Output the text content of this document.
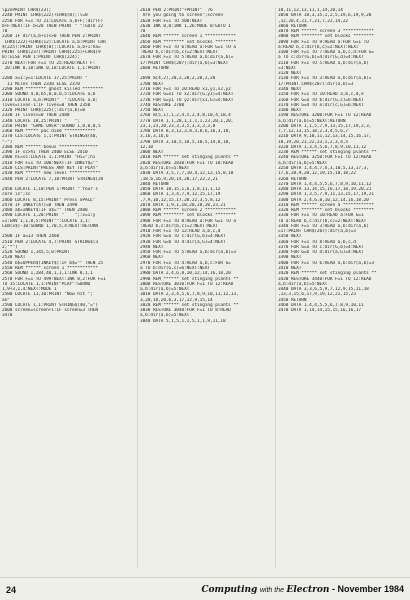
\p2xPRINT CHR$(23);
2240 PRINT CHR$(222)+CHR$(8);:l=0
2250 FOR F=1 TO 21:LOCATE a,b+F;:dir(F)
b+F:NEXT:IF b<20 THEN PRINT " ":GOTO 22
70
2260 IF dir(a,b+1)<>0 THEN PEN 2:PRINT
CHR$(222)+CHR$(12):LOCATE a,b:PRINT CHR
$(225):PRINT CHR$(8);:LOCATE a,b+1:ha=
PRINT CHR$(237):PRINT CHR$(225)+CHR$(9
0):ELSE PEN 1:PRINT CHR$(224);
2270 NEXT:FOR F=1 TO 25:READ:NEXT F:
20:INK 0,18:INK 0,18:LOCATE 1,1:PRINT
2280 x=1:y=1:LOCATE 17,25:PRINT "
11 Miles THEN 2330 ELSE 2370
2290 REM ******** ghost killed ********
2300 SOUND 4,0,65,0,0,0,5:LOCATE a,b
2310 LOCATE a,b:PRINT"  ":LOCATE a,b:
lives=lives-1:IF lives=0 THEN 2350
2320 PRINT CHR$(225);:dir(a,b)=0
2330 IF lives<=0 THEN 2480
2340 LOCATE 18,25:PRINT "   ";
2350 PRINT "GAME OVER":SOUND 1,0,0,0,5
2360 REM ***** pac died ************
2370 CLS:LOCATE 1,1:PRINT STRING$(40,
"-")
2380 REM ****** bonus ***************
2390 IF sc>hi THEN 2400 ELSE 2410
2400 hi=sc:LOCATE 1,1:PRINT "Hi=";hi
2410 FOR F=1 TO 100:NEXT:IF INKEY$=""
2420 CLS:PRINT"PRESS ANY KEY TO PLAY"
2430 REM ****** new level ************
2440 PEN 2:LOCATE 7,10:PRINT STRING$(20
2450 LOCATE 1,10:PEN 1:PRINT " Your s
core is";sc
2460 LOCATE 8,15:PRINT" Press SPACE"
2470 IF INKEY(47)=0 THEN 2490
2480 a$=INKEY$:IF a$="" THEN 2480
2490 LOCATE 1,20:PRINT "    ";:x=1:y
=1:ENV 1,1,0,5:PRINT"":LOCATE 1,1:
LEN(x$)-10:SOUND 1,70,5,4:NEXT:RETURN
2500 IF a=13 THEN 2460
2510 PEN 2:LOCATE 4,7:PRINT STRING$(3
2,"*")
2520 SOUND 1,145,5,0:PRINT
2530 NEXT
2540 b$=UPPER$(INKEY$):IF b$="" THEN 25
2550 REM ****** screen 1 ************
2560 SOUND 1,284,40,1,1,1:INK 8,1,1
2570 FOR F=1 TO 499:NEXT:INK 8,2:FOR F=1
TO 15:LOCATE 1,1:PRINT"PLAY":SOUND
1,9+3,1,4:NEXT:MODE 1
2580 LOCATE 11,10:PRINT "Now hit ";
an"
2590 LOCATE 1,1:PRINT STRING$(40,"=")
2600 screen=screen+1:IF screen=3 THEN
3470
2610 PEN 2:PRINT"+PRINT"  76
Are you going to screen";screen
2620 FOR F=1 TO 500:NEXT
2630 INK 0,0:INK 1,26:MODE 0:GOTO 1
70
2640 REM ****** screen 1 ************
2650 REM ******** set blocks ********
2660 FOR F=1 TO 6:READ a:FOR G=1 TO a
:READ b,c:dir(b,c)=2:NEXT:NEXT
2670 FOR F=1 TO 5:READ a,b:dir(a,b)=
17:PRINT CHR$(207):dir(a,b)=3:NEXT
2680 RETURN
2690 m(4,2),20,2,20,2,20,2,20
2700 NEXT
2710 FOR F=1 TO 10:READ x1,y1,x2,y2
2720 FOR G=x1 TO x2:dir(G,y1)=4:NEXT
2730 FOR G=y1 TO y2:dir(x1,G)=4:NEXT
2740 RESTORE 2780
2750 NEXT
2760 m(5,1),1,2,4,5,2,4,8,10,4,18,4
2770 DATA 1,1,20,1,1,1,1,23,20,1,20,
23,1,23,20,23,3,3,5,3,3,3,3,8
2780 DATA 8,3,12,3,8,3,8,6,16,3,18,
3,16,3,16,6
2790 DATA 3,10,5,10,5,10,5,14,8,10,
12,10
2800 NEXT
2810 REM ****** set stinging plants **
2820 RESTORE 2830:FOR F=1 TO 10:READ
a,b:dir(a,b)=5:NEXT
2830 DATA 3,5,7,7,10,4,12,12,15,8,18
,18,6,16,9,20,14,20,17,22,2,21
2840 RETURN
2850 DATA 10,15,1,6,1,8,11,1,12
2860 DATA 1,3,4,7,9,12,15,17,19
,7,9,10,12,15,17,20,22,3,5,8,12
2870 DATA 1,9,1,18,20,28,20,23,21
2880 REM ****** screen 2 ************
2890 REM ******** set blocks ********
2900 FOR F=1 TO 8:READ a:FOR G=1 TO a
:READ b,c:dir(b,c)=2:NEXT:NEXT
2910 FOR F=1 TO 12:READ a,b,c,d
2920 FOR G=a TO c:dir(G,b)=4:NEXT
2930 FOR G=b TO d:dir(a,G)=4:NEXT
2940 NEXT
2950 FOR F=1 TO 5:READ a,b:dir(a,b)=3
2960 NEXT
2970 FOR F=1 TO 4:READ a,b,c:FOR G=
a TO b:dir(G,c)=6:NEXT:NEXT
2980 DATA 2,4,6,8,10,12,14,16,18,20
2990 REM ****** set stinging plants **
3000 RESTORE 3010:FOR F=1 TO 12:READ
a,b:dir(a,b)=5:NEXT
3010 DATA 2,3,4,5,6,7,8,9,10,11,12,13,
3,20,18,20,6,3,17,12,9,15,14
3020 REM ****** set stinging plants **
3030 RESTORE 3040:FOR F=1 TO 8:READ
a,b:dir(a,b)=5:NEXT
3040 DATA 5,1,5,1,1,5,1,1,9,11,10
10,11,12,13,11,1,14,20,14
3050 DATA 18,3,15,1,2,5,19,6,19,9,20
,12,20,4,21,7,21,7,22,14,22
3060 RETURN
3070 REM ****** screen 3 ************
3080 REM ******** set blocks ********
3090 FOR F=1 TO 9:READ a:FOR G=1 TO
a:READ b,c:dir(b,c)=2:NEXT:NEXT
3100 FOR F=1 TO 7:READ a,b,c,d:FOR G=
a TO c:dir(G,b)=4:dir(G,d)=4:NEXT
3110 FOR F=1 TO 5:READ a,b:dir(a,b)
=3:NEXT
3120 NEXT
3130 FOR F=1 TO 3:READ a,b:dir(a,b)=
17:PRINT CHR$(207):dir(a,b)=3
3140 NEXT
3150 FOR F=1 TO 10:READ a,b,c,d,e
3160 FOR G=a TO b:dir(G,c)=6:NEXT
3170 FOR G=d TO e:dir(c,G)=6:NEXT
3180 NEXT
3190 RESTORE 3200:FOR F=1 TO 12:READ
a,b:dir(a,b)=5:NEXT:RETURN
3200 DATA 1,1,5,7,9,13,15,17,19,2,3,
7,7,12,13,15,18,2,3,4,5,6,7
3210 DATA 9,10,11,12,13,14,15,16,17,
18,19,20,21,22,23,1,2,3,4,5
3220 DATA 1,3,4,5,6,7,8,9,10,11,12
3230 REM ****** set stinging plants **
3240 RESTORE 3250:FOR F=1 TO 12:READ
a,b:dir(a,b)=5:NEXT
3250 DATA 1,4,4,7,4,3,10,5,13,17,3,
17,6,20,9,20,12,19,15,18,18,22
3260 RETURN
3270 DATA 1,4,4,5,5,6,7,8,9,10,11,12
3280 DATA 13,14,15,16,17,18,19,20,21
3290 DATA 1,3,5,7,9,11,13,15,17,19,21
3300 DATA 2,4,6,8,10,12,14,16,18,20
3310 REM ****** screen 4 ************
3320 REM ******** set blocks ********
3330 FOR F=1 TO 10:READ a:FOR G=1
TO a:READ b,c:dir(b,c)=2:NEXT:NEXT
3340 FOR F=1 TO 3:READ a,b:dir(a,b)
=17:PRINT CHR$(207):dir(a,b)=3
3350 NEXT
3360 FOR F=1 TO 8:READ a,b,c,d
3370 FOR G=a TO c:dir(G,b)=4:NEXT
3380 FOR G=b TO d:dir(a,G)=4:NEXT
3390 NEXT
3400 FOR F=1 TO 6:READ a,b:dir(a,b)=3
3410 NEXT
3420 REM ****** set stinging plants **
3430 RESTORE 3440:FOR F=1 TO 12:READ
a,b:dir(a,b)=5:NEXT
3440 DATA 3,3,6,5,9,7,12,9,15,11,18
,13,3,15,6,17,9,19,12,21,15,23
3450 RETURN
3460 DATA 1,4,4,5,5,6,7,8,9,10,11
3470 DATA 1,14,14,15,15,16,16,17
24	Computing with the Electron - November 1984
